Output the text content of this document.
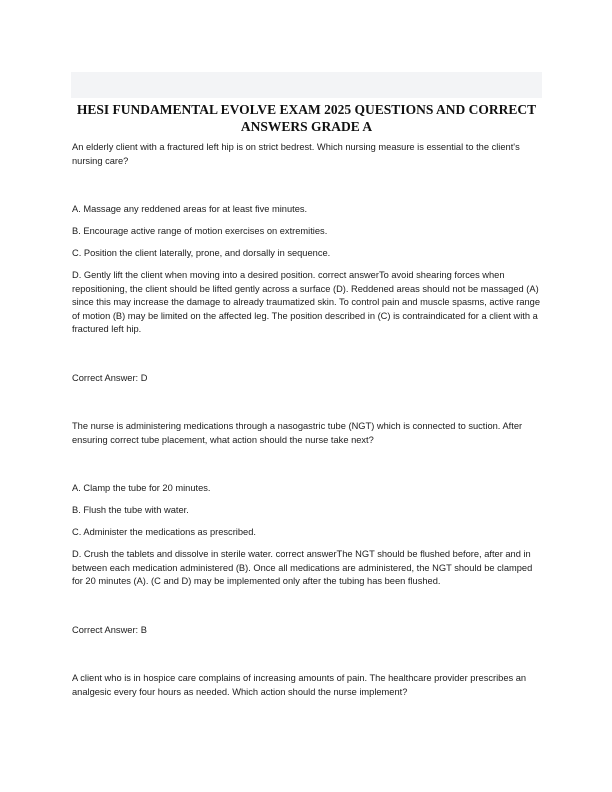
HESI FUNDAMENTAL EVOLVE EXAM 2025 QUESTIONS AND CORRECT ANSWERS GRADE A

An elderly client with a fractured left hip is on strict bedrest. Which nursing measure is essential to the client's nursing care?

A. Massage any reddened areas for at least five minutes.

B. Encourage active range of motion exercises on extremities.

C. Position the client laterally, prone, and dorsally in sequence.

D. Gently lift the client when moving into a desired position. correct answerTo avoid shearing forces when repositioning, the client should be lifted gently across a surface (D). Reddened areas should not be massaged (A) since this may increase the damage to already traumatized skin. To control pain and muscle spasms, active range of motion (B) may be limited on the affected leg. The position described in (C) is contraindicated for a client with a fractured left hip.

Correct Answer: D

The nurse is administering medications through a nasogastric tube (NGT) which is connected to suction. After ensuring correct tube placement, what action should the nurse take next?

A. Clamp the tube for 20 minutes.

B. Flush the tube with water.

C. Administer the medications as prescribed.

D. Crush the tablets and dissolve in sterile water. correct answerThe NGT should be flushed before, after and in between each medication administered (B). Once all medications are administered, the NGT should be clamped for 20 minutes (A). (C and D) may be implemented only after the tubing has been flushed.

Correct Answer: B

A client who is in hospice care complains of increasing amounts of pain. The healthcare provider prescribes an analgesic every four hours as needed. Which action should the nurse implement?
